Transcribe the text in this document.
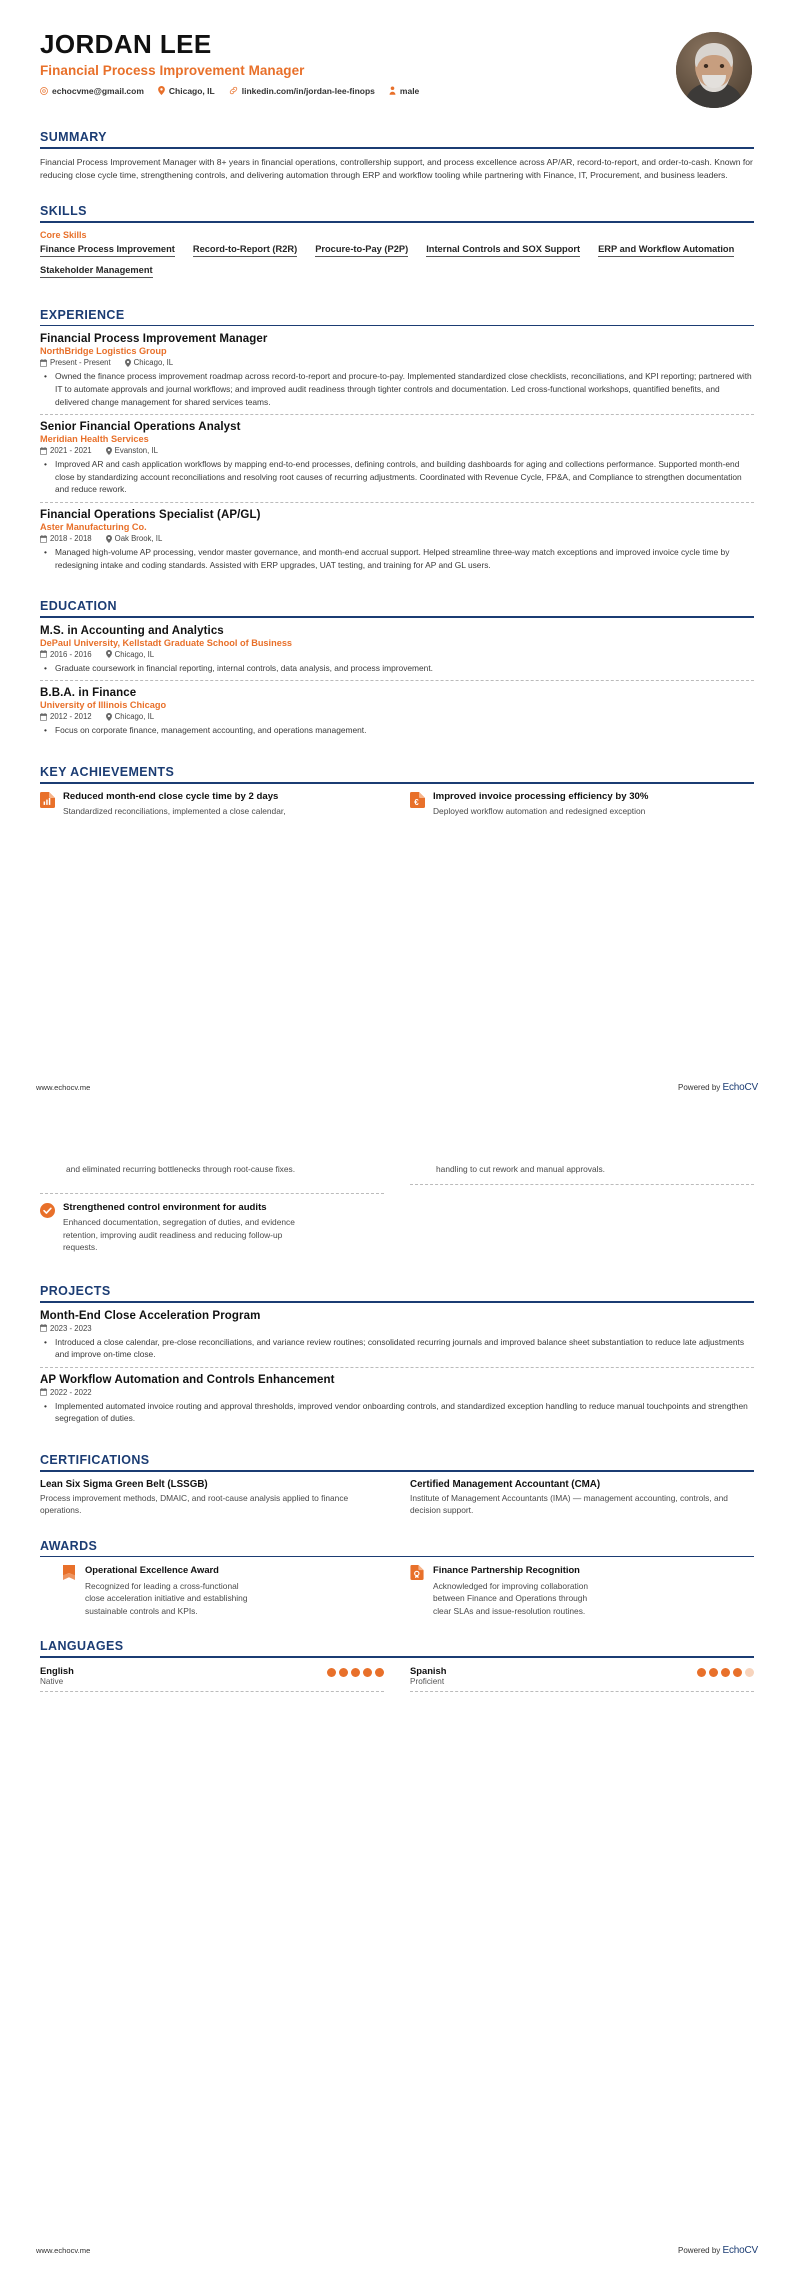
JORDAN LEE
Financial Process Improvement Manager
echocvme@gmail.com	Chicago, IL	linkedin.com/in/jordan-lee-finops	male
SUMMARY
Financial Process Improvement Manager with 8+ years in financial operations, controllership support, and process excellence across AP/AR, record-to-report, and order-to-cash. Known for reducing close cycle time, strengthening controls, and delivering automation through ERP and workflow tooling while partnering with Finance, IT, Procurement, and business leaders.
SKILLS
Core Skills
Finance Process Improvement Record-to-Report (R2R) Procure-to-Pay (P2P) Internal Controls and SOX Support ERP and Workflow Automation
Stakeholder Management
EXPERIENCE
Financial Process Improvement Manager
NorthBridge Logistics Group
Present - Present	Chicago, IL
• Owned the finance process improvement roadmap across record-to-report and procure-to-pay. Implemented standardized close checklists, reconciliations, and KPI reporting; partnered with IT to automate approvals and journal workflows; and improved audit readiness through tighter controls and documentation. Led cross-functional workshops, quantified benefits, and delivered change management for shared services teams.
Senior Financial Operations Analyst
Meridian Health Services
2021 - 2021	Evanston, IL
• Improved AR and cash application workflows by mapping end-to-end processes, defining controls, and building dashboards for aging and collections performance. Supported month-end close by standardizing account reconciliations and resolving root causes of recurring adjustments. Coordinated with Revenue Cycle, FP&A, and Compliance to strengthen documentation and reduce rework.
Financial Operations Specialist (AP/GL)
Aster Manufacturing Co.
2018 - 2018	Oak Brook, IL
• Managed high-volume AP processing, vendor master governance, and month-end accrual support. Helped streamline three-way match exceptions and improved invoice cycle time by redesigning intake and coding standards. Assisted with ERP upgrades, UAT testing, and training for AP and GL users.
EDUCATION
M.S. in Accounting and Analytics
DePaul University, Kellstadt Graduate School of Business
2016 - 2016	Chicago, IL
• Graduate coursework in financial reporting, internal controls, data analysis, and process improvement.
B.B.A. in Finance
University of Illinois Chicago
2012 - 2012	Chicago, IL
• Focus on corporate finance, management accounting, and operations management.
KEY ACHIEVEMENTS
Reduced month-end close cycle time by 2 days
Standardized reconciliations, implemented a close calendar,
€
Improved invoice processing efficiency by 30%
Deployed workflow automation and redesigned exception
www.echocv.me	Powered by EchoCV
and eliminated recurring bottlenecks through root-cause fixes.	handling to cut rework and manual approvals.
Strengthened control environment for audits
Enhanced documentation, segregation of duties, and evidence retention, improving audit readiness and reducing follow-up requests.
PROJECTS
Month-End Close Acceleration Program
2023 - 2023
• Introduced a close calendar, pre-close reconciliations, and variance review routines; consolidated recurring journals and improved balance sheet substantiation to reduce late adjustments and improve on-time close.
AP Workflow Automation and Controls Enhancement
2022 - 2022
• Implemented automated invoice routing and approval thresholds, improved vendor onboarding controls, and standardized exception handling to reduce manual touchpoints and strengthen segregation of duties.
CERTIFICATIONS
Lean Six Sigma Green Belt (LSSGB)
Process improvement methods, DMAIC, and root-cause analysis applied to finance operations.
Certified Management Accountant (CMA)
Institute of Management Accountants (IMA) — management accounting, controls, and decision support.
AWARDS
Operational Excellence Award
Recognized for leading a cross-functional close acceleration initiative and establishing sustainable controls and KPIs.
Finance Partnership Recognition
Acknowledged for improving collaboration between Finance and Operations through clear SLAs and issue-resolution routines.
LANGUAGES
English
Native
Spanish
Proficient
www.echocv.me	Powered by EchoCV
